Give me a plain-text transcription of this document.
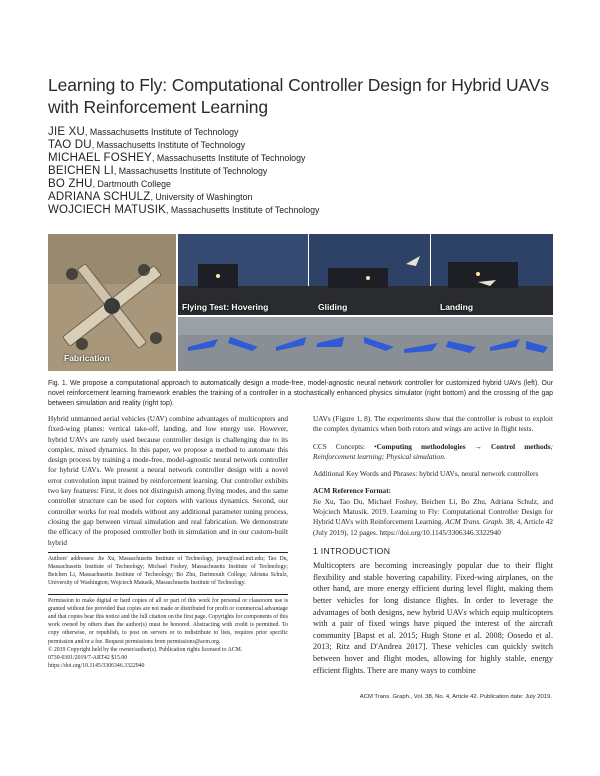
Learning to Fly: Computational Controller Design for Hybrid UAVs with Reinforcement Learning
JIE XU, Massachusetts Institute of Technology
TAO DU, Massachusetts Institute of Technology
MICHAEL FOSHEY, Massachusetts Institute of Technology
BEICHEN LI, Massachusetts Institute of Technology
BO ZHU, Dartmouth College
ADRIANA SCHULZ, University of Washington
WOJCIECH MATUSIK, Massachusetts Institute of Technology
Fabrication
Flying Test: Hovering	Gliding	Landing
Fig. 1. We propose a computational approach to automatically design a mode-free, model-agnostic neural network controller for customized hybrid UAVs (left). Our novel reinforcement learning framework enables the training of a controller in a stochastically enhanced physics simulator (right bottom) and the crossing of the gap between simulation and reality (right top).

Hybrid unmanned aerial vehicles (UAV) combine advantages of multicopters and fixed-wing planes: vertical take-off, landing, and low energy use. However, hybrid UAVs are rarely used because controller design is challenging due to its complex, mixed dynamics. In this paper, we propose a method to automate this design process by training a mode-free, model-agnostic neural network controller for hybrid UAVs. We present a neural network controller design with a novel error convolution input trained by reinforcement learning. Our controller exhibits two key features: First, it does not distinguish among flying modes, and the same controller structure can be used for copters with various dynamics. Second, our controller works for real models without any additional parameter tuning process, closing the gap between virtual simulation and real fabrication. We demonstrate the efficacy of the proposed controller both in simulation and in our custom-built hybrid

Authors' addresses: Jie Xu, Massachusetts Institute of Technology, jiexu@csail.mit.edu; Tao Du, Massachusetts Institute of Technology; Michael Foshey, Massachusetts Institute of Technology; Beichen Li, Massachusetts Institute of Technology; Bo Zhu, Dartmouth College; Adriana Schulz, University of Washington; Wojciech Matusik, Massachusetts Institute of Technology.

Permission to make digital or hard copies of all or part of this work for personal or classroom use is granted without fee provided that copies are not made or distributed for profit or commercial advantage and that copies bear this notice and the full citation on the first page. Copyrights for components of this work owned by others than the author(s) must be honored. Abstracting with credit is permitted. To copy otherwise, or republish, to post on servers or to redistribute to lists, requires prior specific permission and/or a fee. Request permissions from permissions@acm.org.

© 2019 Copyright held by the owner/author(s). Publication rights licensed to ACM.

0730-0301/2019/7-ART42 $15.00

https://doi.org/10.1145/3306346.3322940

UAVs (Figure 1, 8). The experiments show that the controller is robust to exploit the complex dynamics when both rotors and wings are active in flight tests.

CCS Concepts: •Computing methodologies → Control methods; Reinforcement learning; Physical simulation.

Additional Key Words and Phrases: hybrid UAVs, neural network controllers

ACM Reference Format:

Jie Xu, Tao Du, Michael Foshey, Beichen Li, Bo Zhu, Adriana Schulz, and Wojciech Matusik. 2019. Learning to Fly: Computational Controller Design for Hybrid UAVs with Reinforcement Learning. ACM Trans. Graph. 38, 4, Article 42 (July 2019), 12 pages. https://doi.org/10.1145/3306346.3322940

1 INTRODUCTION

Multicopters are becoming increasingly popular due to their flight flexibility and stable hovering capability. Fixed-wing airplanes, on the other hand, are more energy efficient during level flight, making them better vehicles for long distance flights. In order to leverage the advantages of both designs, new hybrid UAVs which equip multicopters with a pair of fixed wings have piqued the interest of the aircraft community [Bapst et al. 2015; Hugh Stone et al. 2008; Oosedo et al. 2013; Ritz and D'Andrea 2017]. These vehicles can quickly switch between hover and flight modes, allowing for highly stable, energy efficient flights. There are many ways to combine

ACM Trans. Graph., Vol. 38, No. 4, Article 42. Publication date: July 2019.
